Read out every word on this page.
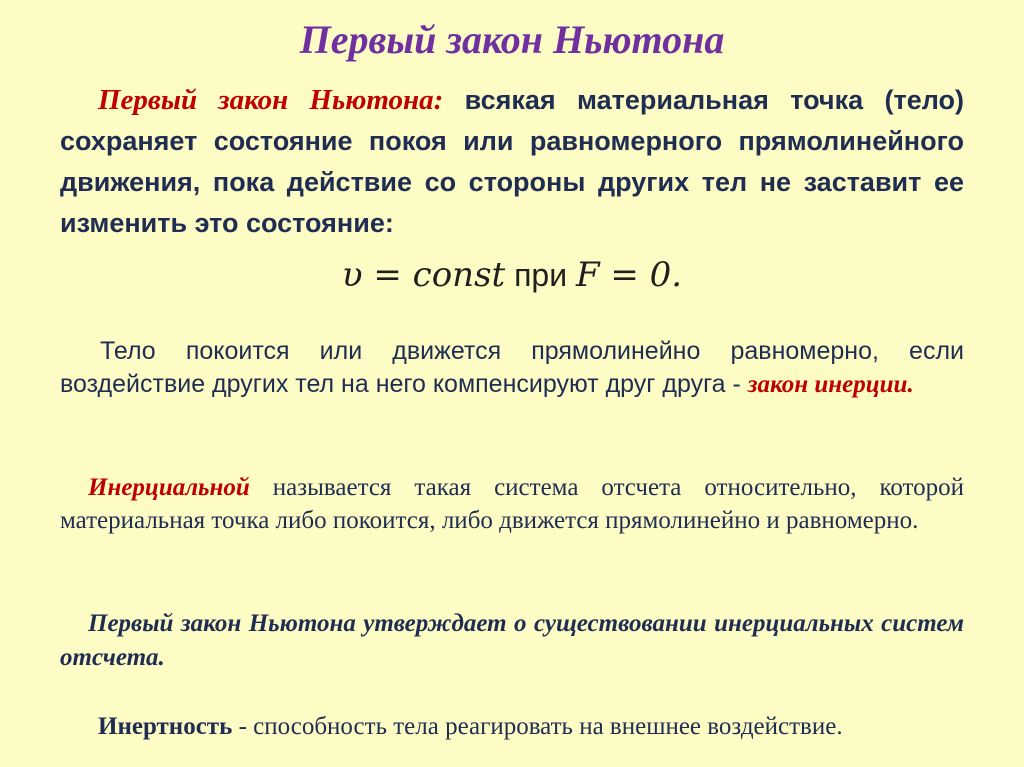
Первый закон Ньютона
Первый закон Ньютона: всякая материальная точка (тело) сохраняет состояние покоя или равномерного прямолинейного движения, пока действие со стороны других тел не заставит ее изменить это состояние:
υ = const при F = 0.
Тело покоится или движется прямолинейно равномерно, если воздействие других тел на него компенсируют друг друга - закон инерции.
Инерциальной называется такая система отсчета относительно, которой материальная точка либо покоится, либо движется прямолинейно и равномерно.
Первый закон Ньютона утверждает о существовании инерциальных систем отсчета.
Инертность - способность тела реагировать на внешнее воздействие.
